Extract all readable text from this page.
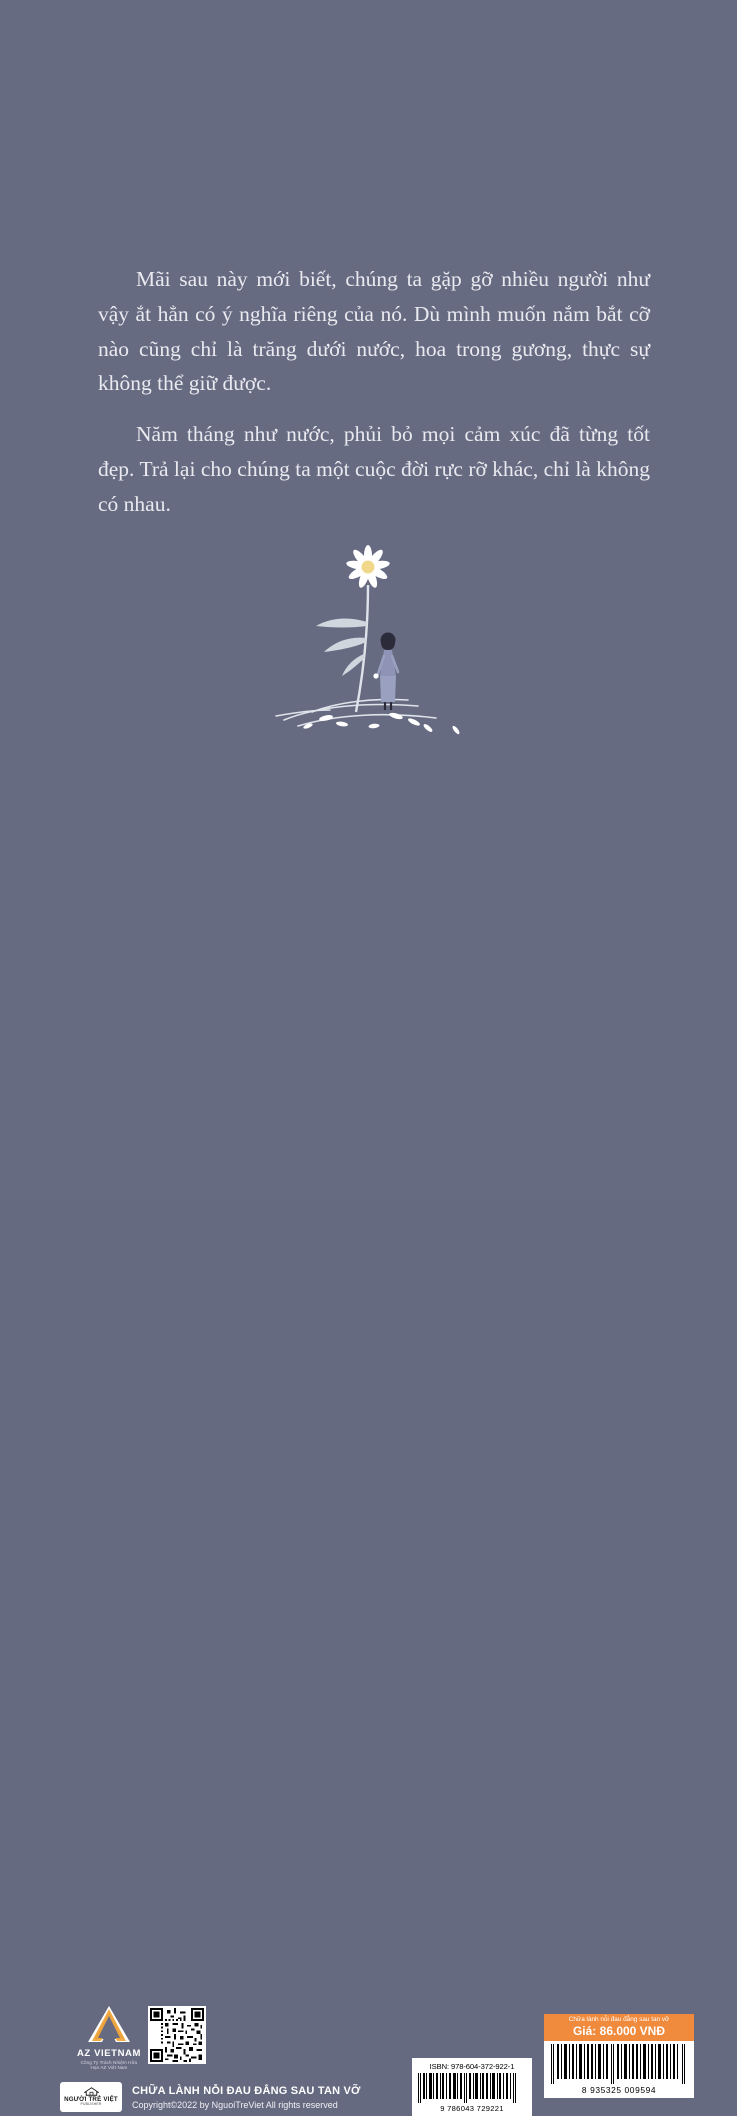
Mãi sau này mới biết, chúng ta gặp gỡ nhiều người như vậy ắt hẳn có ý nghĩa riêng của nó. Dù mình muốn nắm bắt cỡ nào cũng chỉ là trăng dưới nước, hoa trong gương, thực sự không thể giữ được.

Năm tháng như nước, phủi bỏ mọi cảm xúc đã từng tốt đẹp. Trả lại cho chúng ta một cuộc đời rực rỡ khác, chỉ là không có nhau.

AZ VIETNAM
Công Ty Trách Nhiệm Hữu Hạn AZ Việt Nam
NGƯỜI TRẺ VIỆT
PUBLISHER
CHỮA LÀNH NỖI ĐAU ĐẲNG SAU TAN VỠ
Copyright©2022 by NguoiTreViet All rights reserved
ISBN: 978-604-372-922-1
9 786043 729221
Chữa lành nỗi đau đẳng sau tan vỡ
Giá: 86.000 VNĐ
8 935325 009594
